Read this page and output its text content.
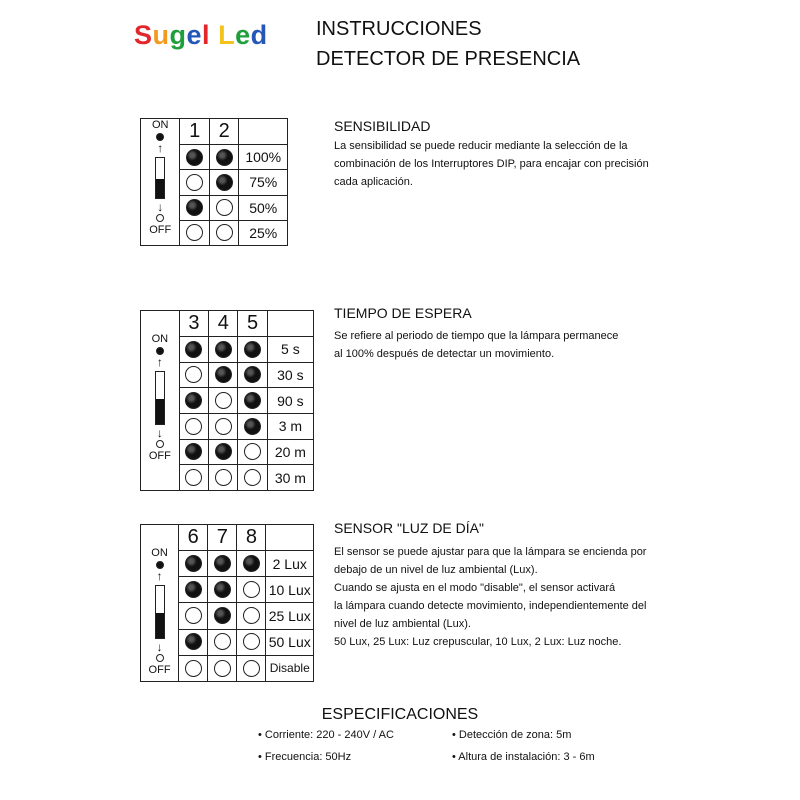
Sugel Led INSTRUCCIONES
DETECTOR DE PRESENCIA
ON
↑
↓
OFF	1	2	
			100%
			75%
			50%
			25%
SENSIBILIDAD
La sensibilidad se puede reducir mediante la selección de la
combinación de los Interruptores DIP, para encajar con precisión
cada aplicación.
ON
↑
↓
OFF	3	4	5	
				5 s
				30 s
				90 s
				3 m
				20 m
				30 m
TIEMPO DE ESPERA
Se refiere al periodo de tiempo que la lámpara permanece
al 100% después de detectar un movimiento.
ON
↑
↓
OFF	6	7	8	
				2 Lux
				10 Lux
				25 Lux
				50 Lux
				Disable
SENSOR "LUZ DE DÍA"
El sensor se puede ajustar para que la lámpara se encienda por
debajo de un nivel de luz ambiental (Lux).
Cuando se ajusta en el modo "disable", el sensor activará
la lámpara cuando detecte movimiento, independientemente del
nivel de luz ambiental (Lux).
50 Lux, 25 Lux: Luz crepuscular, 10 Lux, 2 Lux: Luz noche.
ESPECIFICACIONES
• Corriente: 220 - 240V / AC
• Frecuencia: 50Hz
• Detección de zona: 5m
• Altura de instalación: 3 - 6m
